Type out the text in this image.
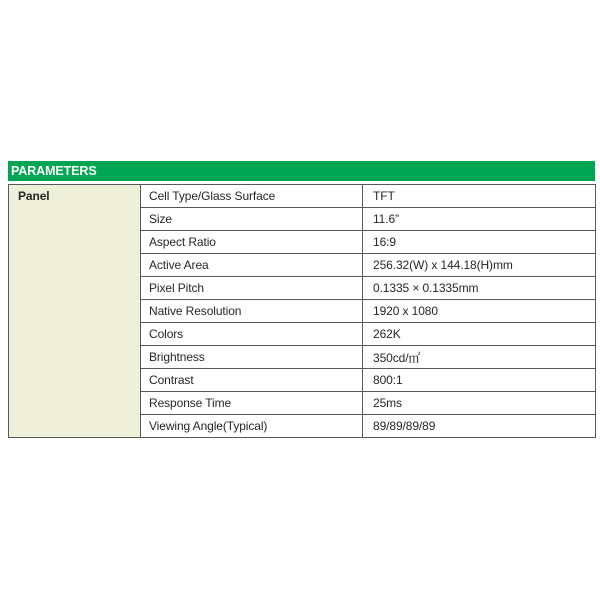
PARAMETERS
Panel	Cell Type/Glass Surface	TFT
	Size	11.6”
	Aspect Ratio	16:9
	Active Area	256.32(W) x 144.18(H)mm
	Pixel Pitch	0.1335 × 0.1335mm
	Native Resolution	1920 x 1080
	Colors	262K
	Brightness	350cd/㎡
	Contrast	800:1
	Response Time	25ms
	Viewing Angle(Typical)	89/89/89/89
